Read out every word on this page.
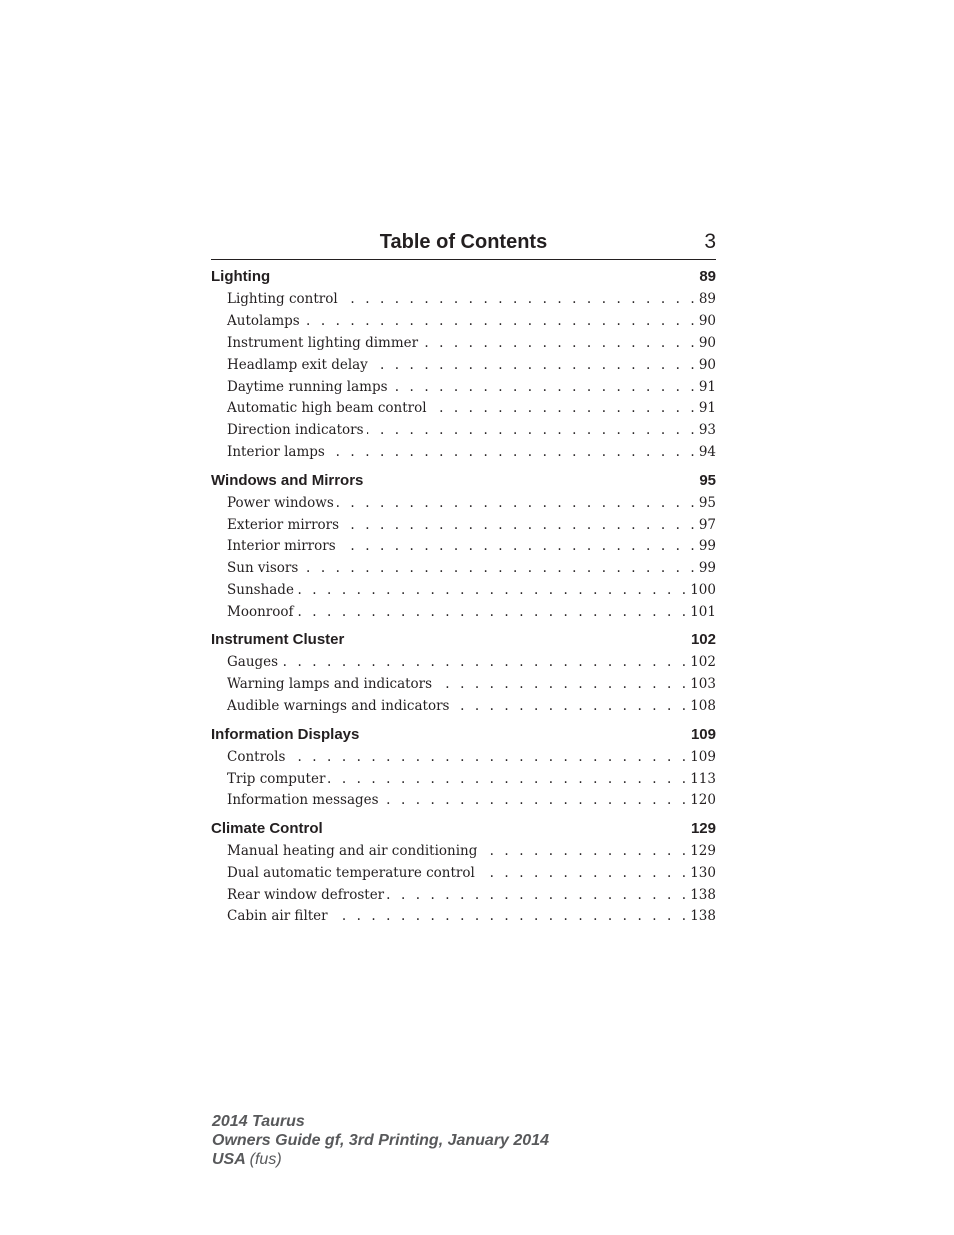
Table of Contents	3
Lighting	89
Lighting control . . .	89
Autolamps . . .	90
Instrument lighting dimmer . . .	90
Headlamp exit delay . . .	90
Daytime running lamps . . .	91
Automatic high beam control . . .	91
Direction indicators . . .	93
Interior lamps . . .	94
Windows and Mirrors	95
Power windows . . .	95
Exterior mirrors . . .	97
Interior mirrors . . .	99
Sun visors . . .	99
Sunshade . . .	100
Moonroof . . .	101
Instrument Cluster	102
Gauges . . .	102
Warning lamps and indicators . . .	103
Audible warnings and indicators . . .	108
Information Displays	109
Controls . . .	109
Trip computer . . .	113
Information messages . . .	120
Climate Control	129
Manual heating and air conditioning . . .	129
Dual automatic temperature control . . .	130
Rear window defroster . . .	138
Cabin air filter . . .	138
2014 Taurus
Owners Guide gf, 3rd Printing, January 2014
USA (fus)
